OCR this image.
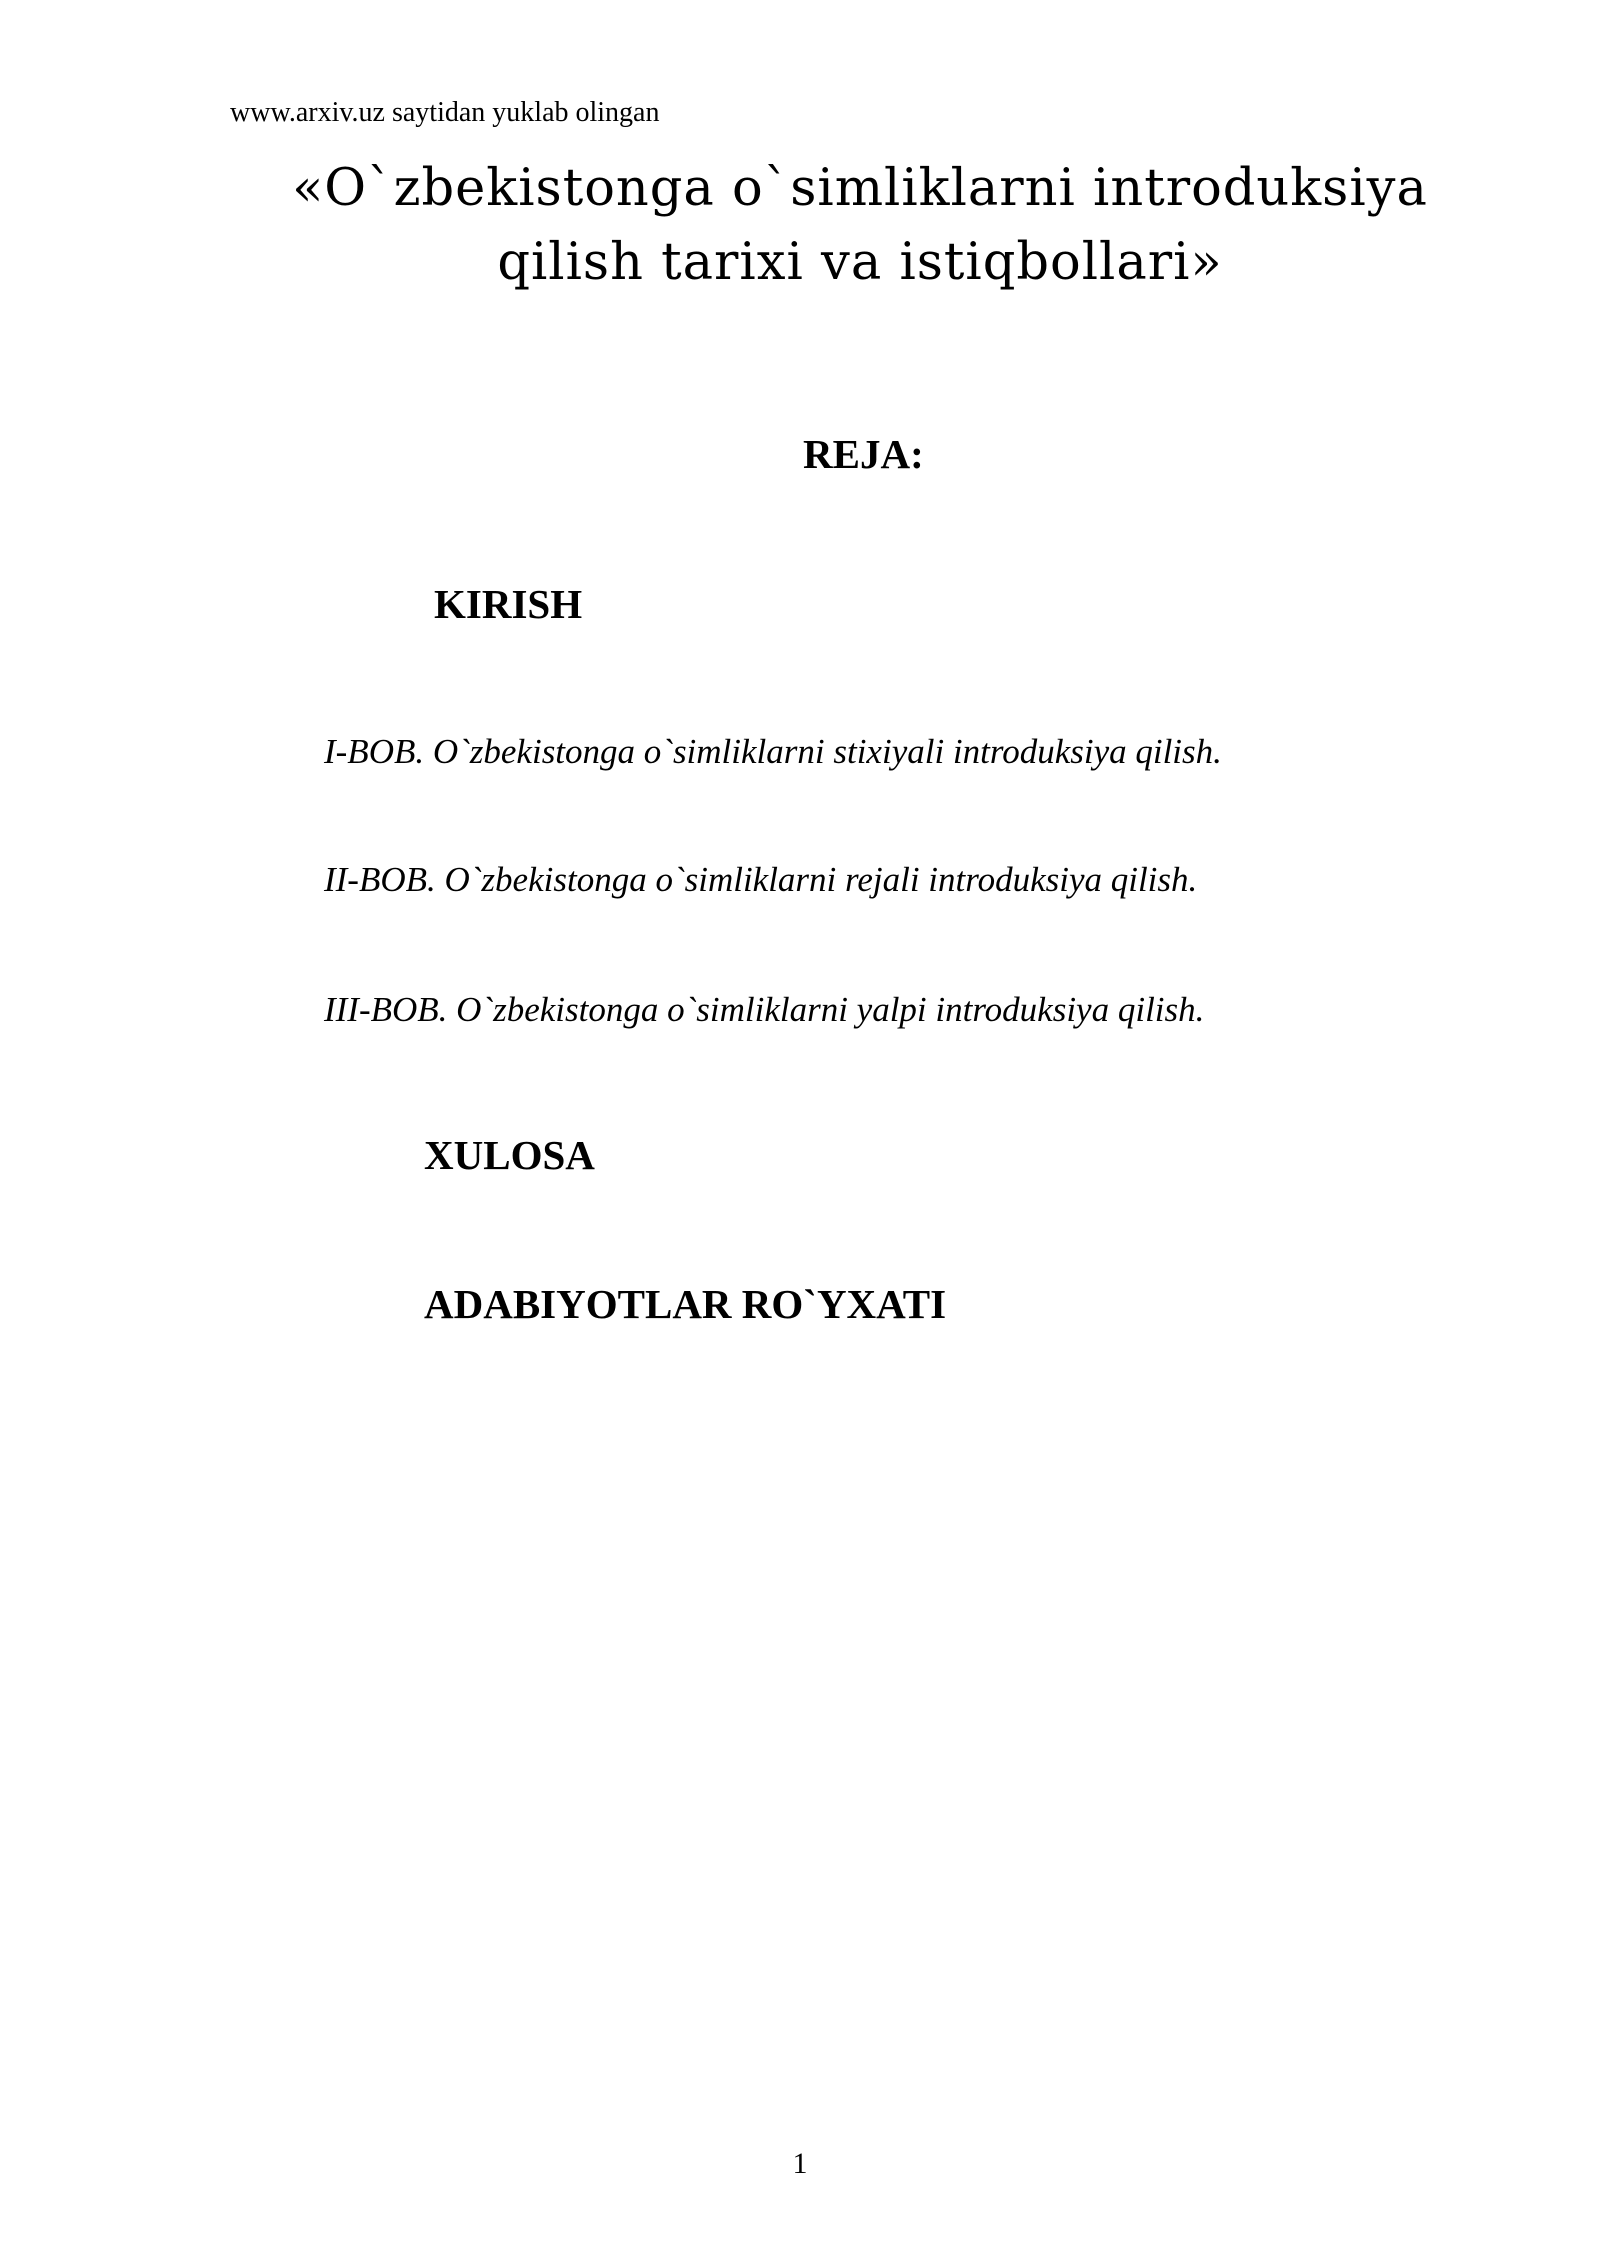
www.arxiv.uz saytidan yuklab olingan
«O`zbekistonga o`simliklarni introduksiya
qilish tarixi va istiqbollari»
REJA:
KIRISH
I-BOB. O`zbekistonga o`simliklarni stixiyali introduksiya qilish.
II-BOB. O`zbekistonga o`simliklarni rejali introduksiya qilish.
III-BOB. O`zbekistonga o`simliklarni yalpi introduksiya qilish.
XULOSA
ADABIYOTLAR RO`YXATI
1
